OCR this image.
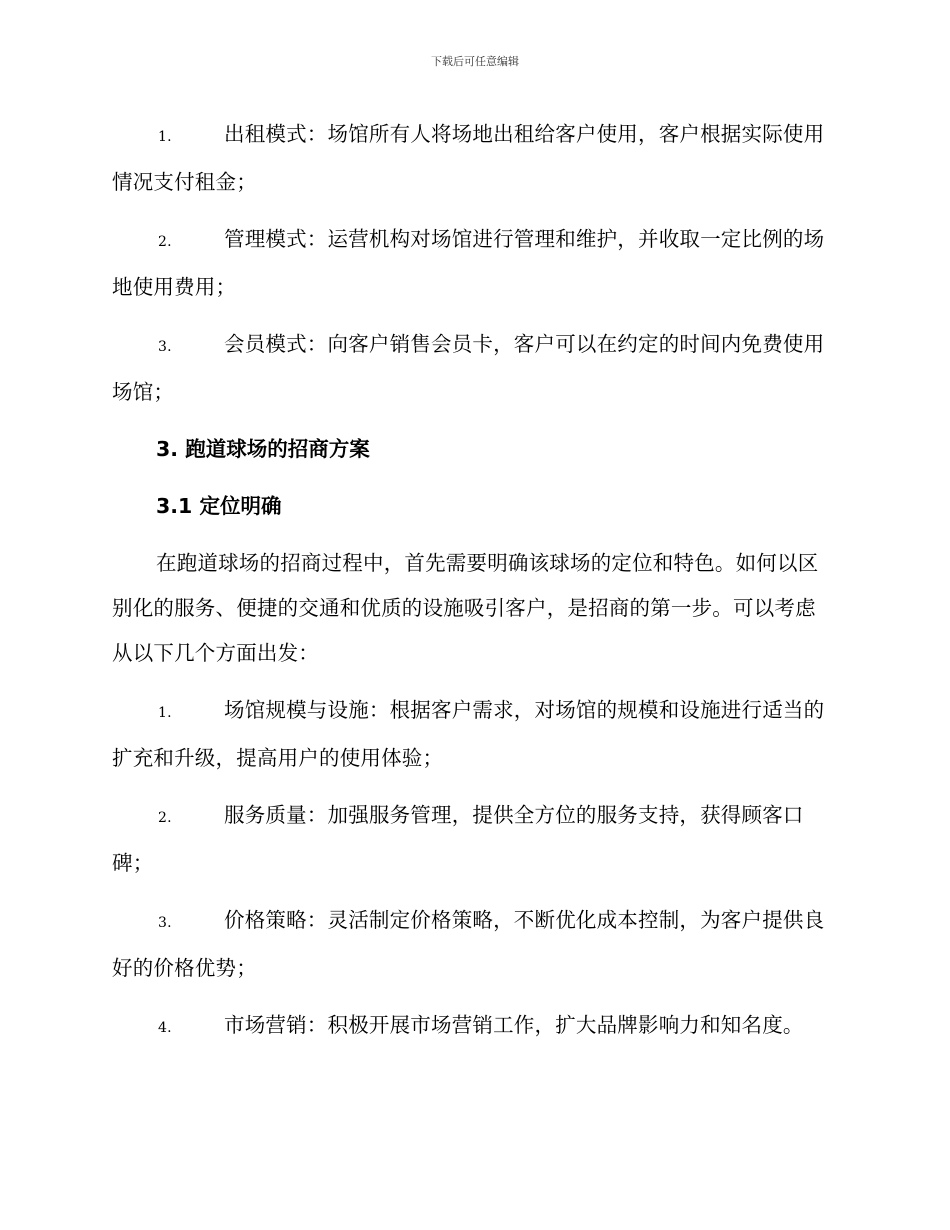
下载后可任意编辑

1.	出租模式：场馆所有人将场地出租给客户使用，客户根据实际使用情况支付租金；

2.	管理模式：运营机构对场馆进行管理和维护，并收取一定比例的场地使用费用；

3.	会员模式：向客户销售会员卡，客户可以在约定的时间内免费使用场馆；

3. 跑道球场的招商方案
3.1 定位明确

在跑道球场的招商过程中，首先需要明确该球场的定位和特色。如何以区别化的服务、便捷的交通和优质的设施吸引客户，是招商的第一步。可以考虑从以下几个方面出发：

1.	场馆规模与设施：根据客户需求，对场馆的规模和设施进行适当的扩充和升级，提高用户的使用体验；

2.	服务质量：加强服务管理，提供全方位的服务支持，获得顾客口碑；

3.	价格策略：灵活制定价格策略，不断优化成本控制，为客户提供良好的价格优势；

4.	市场营销：积极开展市场营销工作，扩大品牌影响力和知名度。
